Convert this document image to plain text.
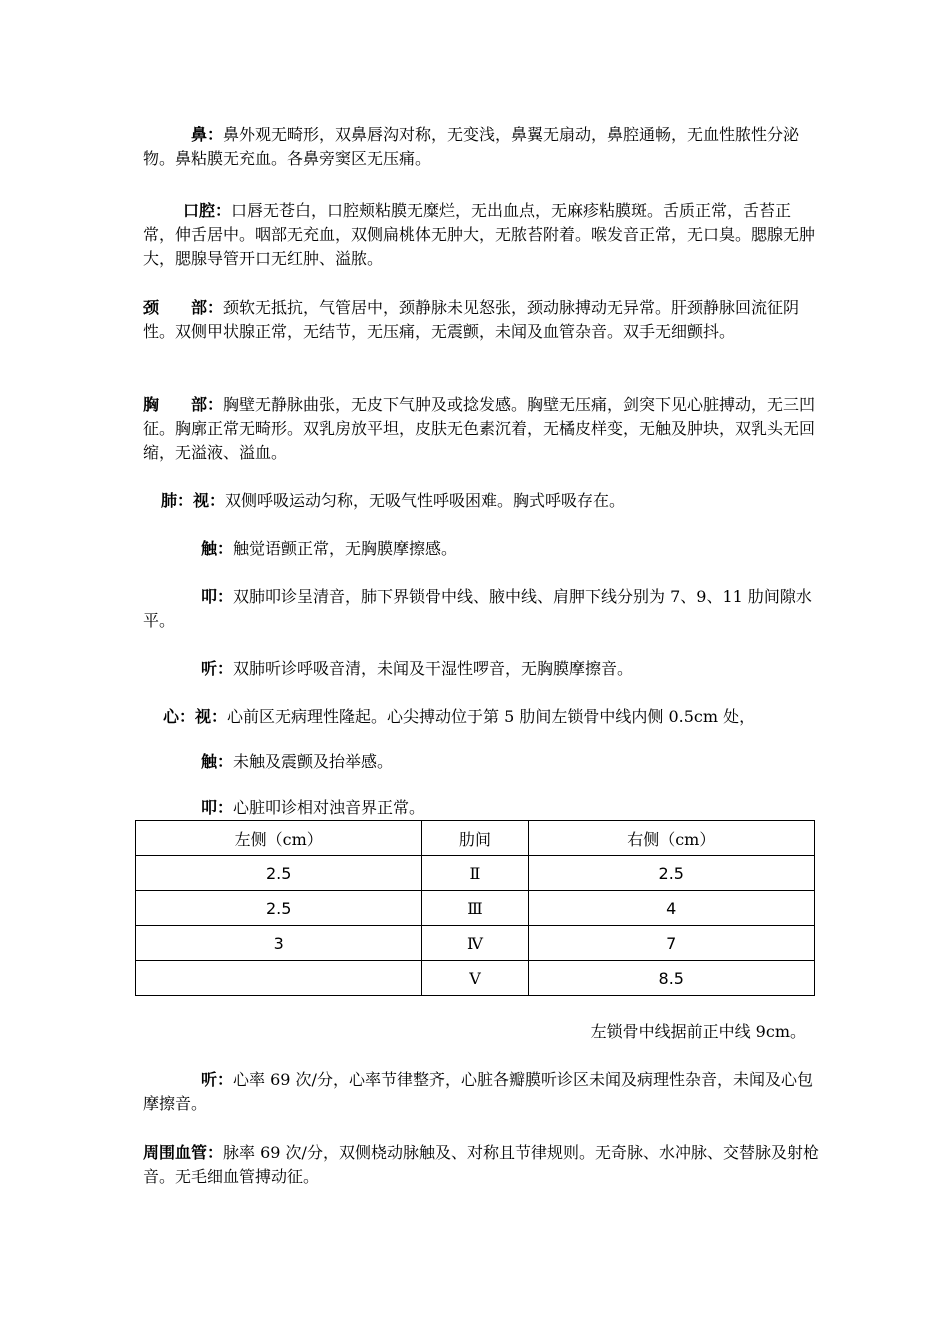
鼻：鼻外观无畸形，双鼻唇沟对称，无变浅，鼻翼无扇动，鼻腔通畅，无血性脓性分泌物。鼻粘膜无充血。各鼻旁窦区无压痛。
口腔：口唇无苍白，口腔颊粘膜无糜烂，无出血点，无麻疹粘膜斑。舌质正常，舌苔正常，伸舌居中。咽部无充血，双侧扁桃体无肿大，无脓苔附着。喉发音正常，无口臭。腮腺无肿大，腮腺导管开口无红肿、溢脓。
颈　　部：颈软无抵抗，气管居中，颈静脉未见怒张，颈动脉搏动无异常。肝颈静脉回流征阴性。双侧甲状腺正常，无结节，无压痛，无震颤，未闻及血管杂音。双手无细颤抖。
胸　　部：胸壁无静脉曲张，无皮下气肿及或捻发感。胸壁无压痛，剑突下见心脏搏动，无三凹征。胸廓正常无畸形。双乳房放平坦，皮肤无色素沉着，无橘皮样变，无触及肿块，双乳头无回缩，无溢液、溢血。
肺：视：双侧呼吸运动匀称，无吸气性呼吸困难。胸式呼吸存在。
触：触觉语颤正常，无胸膜摩擦感。
叩：双肺叩诊呈清音，肺下界锁骨中线、腋中线、肩胛下线分别为 7、9、11 肋间隙水平。
听：双肺听诊呼吸音清，未闻及干湿性啰音，无胸膜摩擦音。
心：视：心前区无病理性隆起。心尖搏动位于第 5 肋间左锁骨中线内侧 0.5cm 处，
触：未触及震颤及抬举感。
叩：心脏叩诊相对浊音界正常。
左侧（cm）	肋间	右侧（cm）
2.5	Ⅱ	2.5
2.5	Ⅲ	4
3	Ⅳ	7
	Ⅴ	8.5
左锁骨中线据前正中线 9cm。
听：心率 69 次/分，心率节律整齐，心脏各瓣膜听诊区未闻及病理性杂音，未闻及心包摩擦音。
周围血管：脉率 69 次/分，双侧桡动脉触及、对称且节律规则。无奇脉、水冲脉、交替脉及射枪音。无毛细血管搏动征。
